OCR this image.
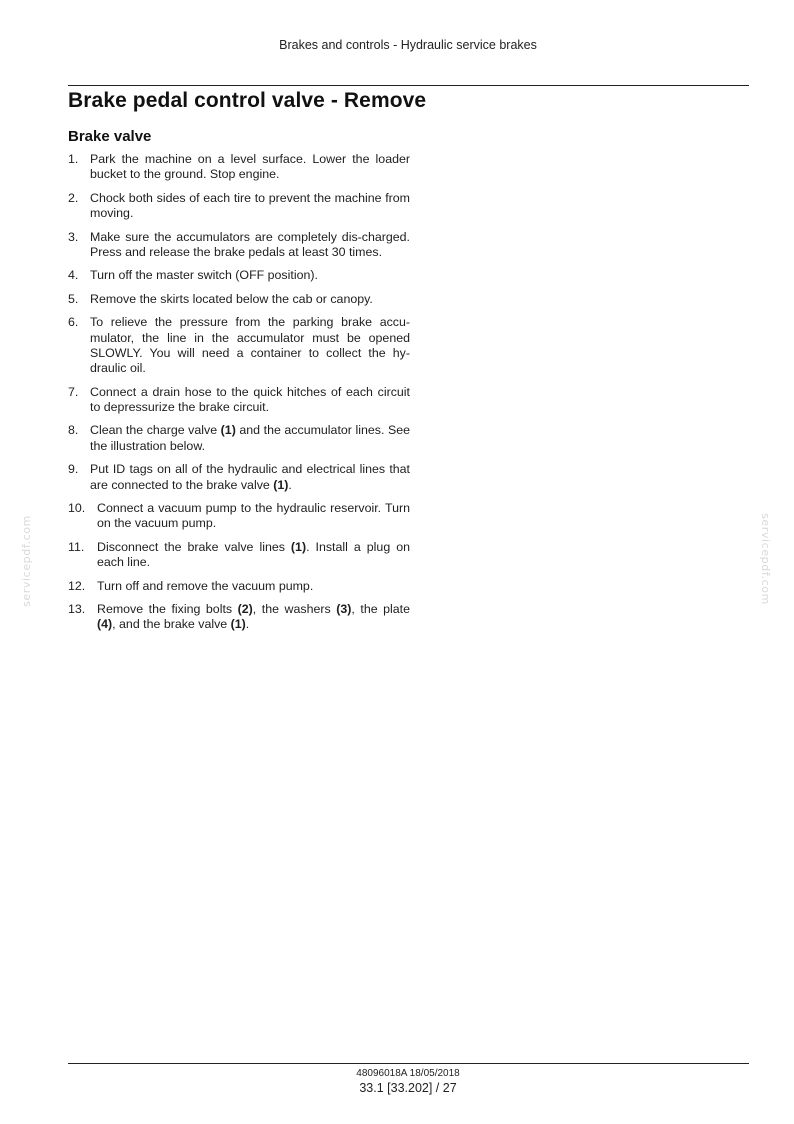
Brakes and controls - Hydraulic service brakes
Brake pedal control valve - Remove
Brake valve
1. Park the machine on a level surface. Lower the loader bucket to the ground. Stop engine.
2. Chock both sides of each tire to prevent the machine from moving.
3. Make sure the accumulators are completely dis-charged. Press and release the brake pedals at least 30 times.
4. Turn off the master switch (OFF position).
5. Remove the skirts located below the cab or canopy.
6. To relieve the pressure from the parking brake accu-mulator, the line in the accumulator must be opened SLOWLY. You will need a container to collect the hy-draulic oil.
7. Connect a drain hose to the quick hitches of each circuit to depressurize the brake circuit.
8. Clean the charge valve (1) and the accumulator lines. See the illustration below.
9. Put ID tags on all of the hydraulic and electrical lines that are connected to the brake valve (1).
10. Connect a vacuum pump to the hydraulic reservoir. Turn on the vacuum pump.
11.	Disconnect the brake valve lines (1). Install a plug on each line.
12. Turn off and remove the vacuum pump.
13. Remove the fixing bolts (2), the washers (3), the plate (4), and the brake valve (1).
servicepdf.com	servicepdf.com
48096018A 18/05/2018
33.1 [33.202] / 27
